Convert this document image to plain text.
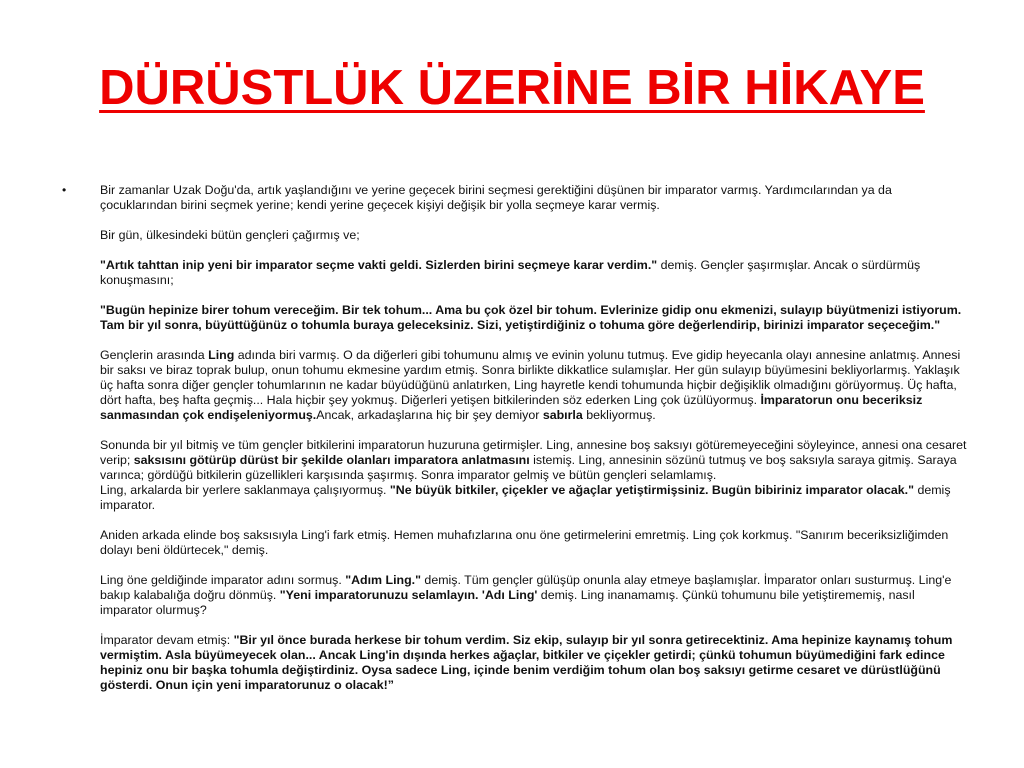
DÜRÜSTLÜK ÜZERİNE BİR HİKAYE
•	Bir zamanlar Uzak Doğu'da, artık yaşlandığını ve yerine geçecek birini seçmesi gerektiğini düşünen bir imparator varmış. Yardımcılarından ya da çocuklarından birini seçmek yerine; kendi yerine geçecek kişiyi değişik bir yolla seçmeye karar vermiş.

Bir gün, ülkesindeki bütün gençleri çağırmış ve;

"Artık tahttan inip yeni bir imparator seçme vakti geldi. Sizlerden birini seçmeye karar verdim." demiş. Gençler şaşırmışlar. Ancak o sürdürmüş konuşmasını;

"Bugün hepinize birer tohum vereceğim. Bir tek tohum... Ama bu çok özel bir tohum. Evlerinize gidip onu ekmenizi, sulayıp büyütmenizi istiyorum. Tam bir yıl sonra, büyüttüğünüz o tohumla buraya geleceksiniz. Sizi, yetiştirdiğiniz o tohuma göre değerlendirip, birinizi imparator seçeceğim."

Gençlerin arasında Ling adında biri varmış. O da diğerleri gibi tohumunu almış ve evinin yolunu tutmuş. Eve gidip heyecanla olayı annesine anlatmış. Annesi bir saksı ve biraz toprak bulup, onun tohumu ekmesine yardım etmiş. Sonra birlikte dikkatlice sulamışlar. Her gün sulayıp büyümesini bekliyorlarmış. Yaklaşık üç hafta sonra diğer gençler tohumlarının ne kadar büyüdüğünü anlatırken, Ling hayretle kendi tohumunda hiçbir değişiklik olmadığını görüyormuş. Üç hafta, dört hafta, beş hafta geçmiş... Hala hiçbir şey yokmuş. Diğerleri yetişen bitkilerinden söz ederken Ling çok üzülüyormuş. İmparatorun onu beceriksiz sanmasından çok endişeleniyormuş.Ancak, arkadaşlarına hiç bir şey demiyor sabırla bekliyormuş.

Sonunda bir yıl bitmiş ve tüm gençler bitkilerini imparatorun huzuruna getirmişler. Ling, annesine boş saksıyı götüremeyeceğini söyleyince, annesi ona cesaret verip; saksısını götürüp dürüst bir şekilde olanları imparatora anlatmasını istemiş. Ling, annesinin sözünü tutmuş ve boş saksıyla saraya gitmiş. Saraya varınca; gördüğü bitkilerin güzellikleri karşısında şaşırmış. Sonra imparator gelmiş ve bütün gençleri selamlamış.

Ling, arkalarda bir yerlere saklanmaya çalışıyormuş. "Ne büyük bitkiler, çiçekler ve ağaçlar yetiştirmişsiniz. Bugün bibiriniz imparator olacak." demiş imparator.

Aniden arkada elinde boş saksısıyla Ling'i fark etmiş. Hemen muhafızlarına onu öne getirmelerini emretmiş. Ling çok korkmuş. "Sanırım beceriksizliğimden dolayı beni öldürtecek," demiş.

Ling öne geldiğinde imparator adını sormuş. "Adım Ling." demiş. Tüm gençler gülüşüp onunla alay etmeye başlamışlar. İmparator onları susturmuş. Ling'e bakıp kalabalığa doğru dönmüş. "Yeni imparatorunuzu selamlayın. 'Adı Ling' demiş. Ling inanamamış. Çünkü tohumunu bile yetiştirememiş, nasıl imparator olurmuş?

İmparator devam etmiş: "Bir yıl önce burada herkese bir tohum verdim. Siz ekip, sulayıp bir yıl sonra getirecektiniz. Ama hepinize kaynamış tohum vermiştim. Asla büyümeyecek olan... Ancak Ling'in dışında herkes ağaçlar, bitkiler ve çiçekler getirdi; çünkü tohumun büyümediğini fark edince hepiniz onu bir başka tohumla değiştirdiniz. Oysa sadece Ling, içinde benim verdiğim tohum olan boş saksıyı getirme cesaret ve dürüstlüğünü gösterdi. Onun için yeni imparatorunuz o olacak!”
